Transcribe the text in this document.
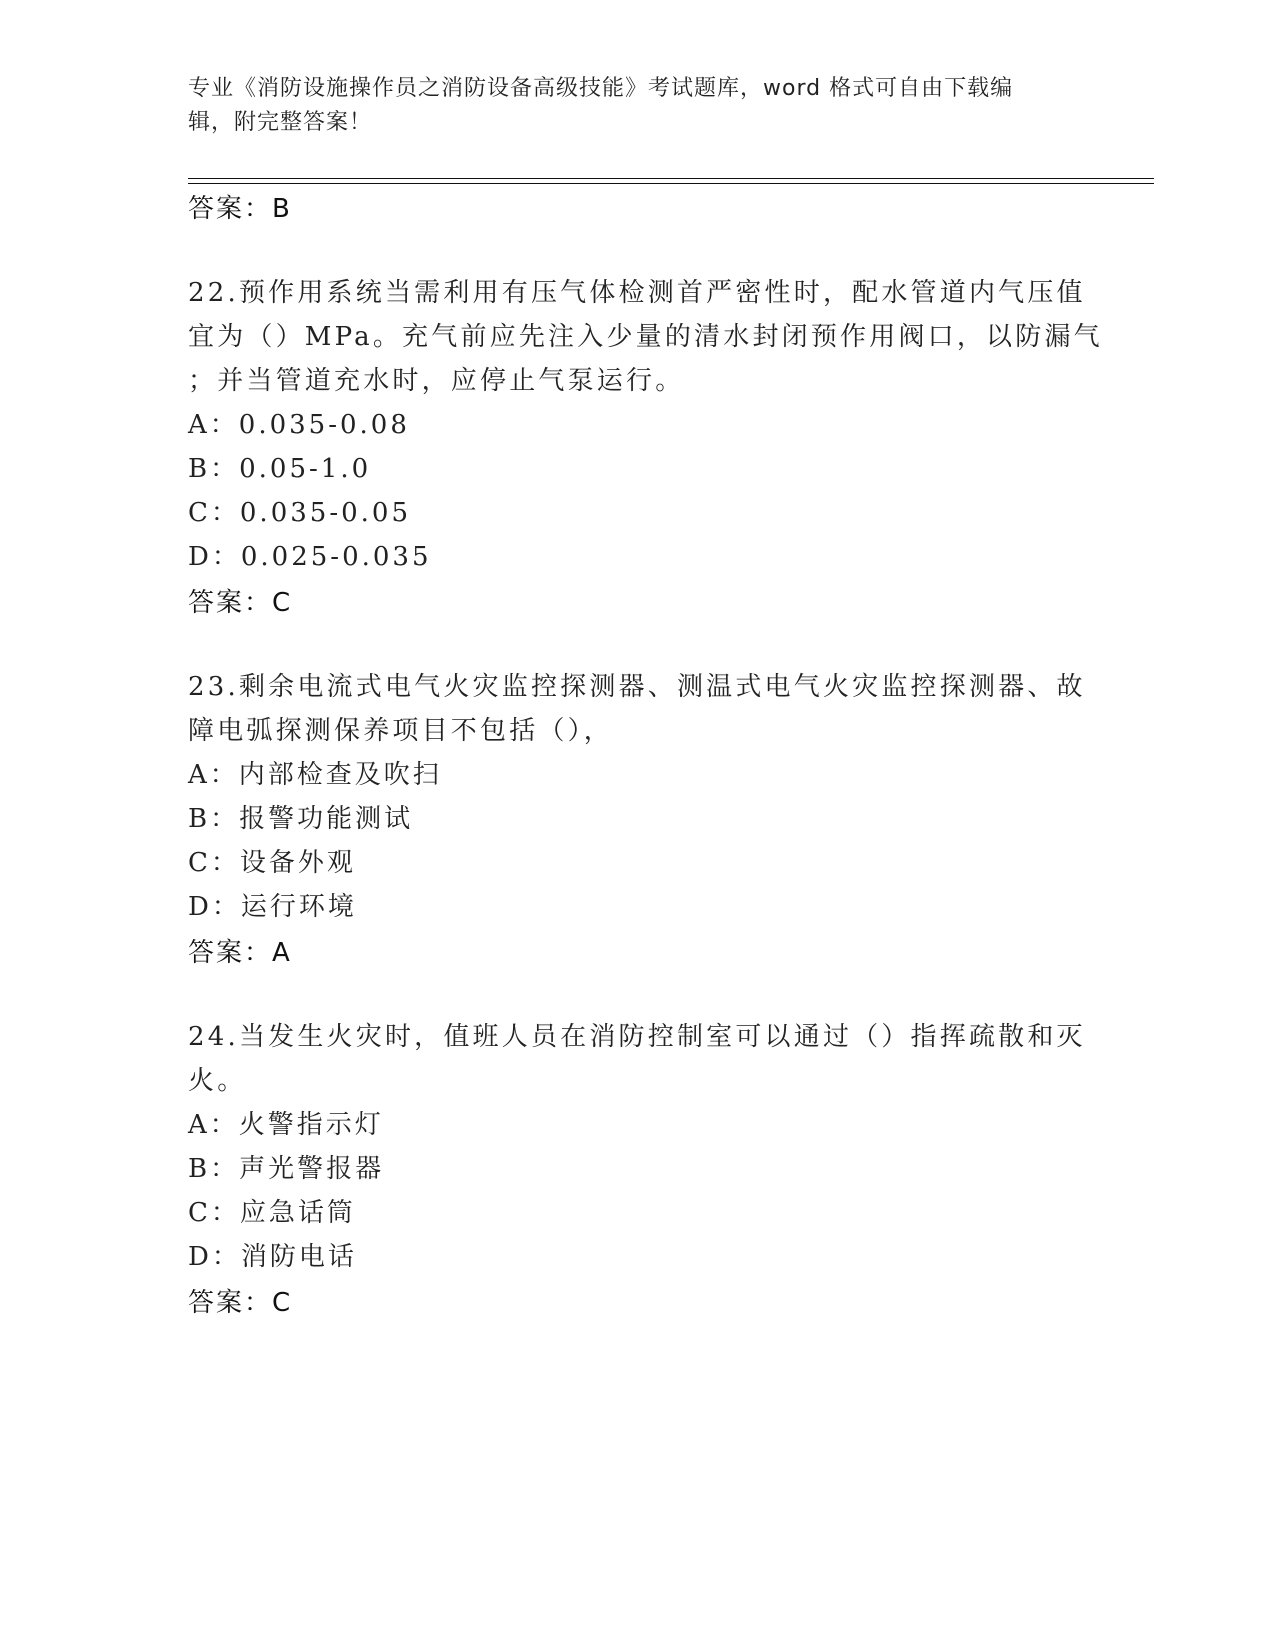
专业《消防设施操作员之消防设备高级技能》考试题库，word 格式可自由下载编
辑，附完整答案！
答案：B
22.预作用系统当需利用有压气体检测首严密性时，配水管道内气压值
宜为（）MPa。充气前应先注入少量的清水封闭预作用阀口，以防漏气
；并当管道充水时，应停止气泵运行。
A：0.035-0.08
B：0.05-1.0
C：0.035-0.05
D：0.025-0.035
答案：C
23.剩余电流式电气火灾监控探测器、测温式电气火灾监控探测器、故
障电弧探测保养项目不包括（），
A：内部检查及吹扫
B：报警功能测试
C：设备外观
D：运行环境
答案：A
24.当发生火灾时，值班人员在消防控制室可以通过（）指挥疏散和灭
火。
A：火警指示灯
B：声光警报器
C：应急话筒
D：消防电话
答案：C
